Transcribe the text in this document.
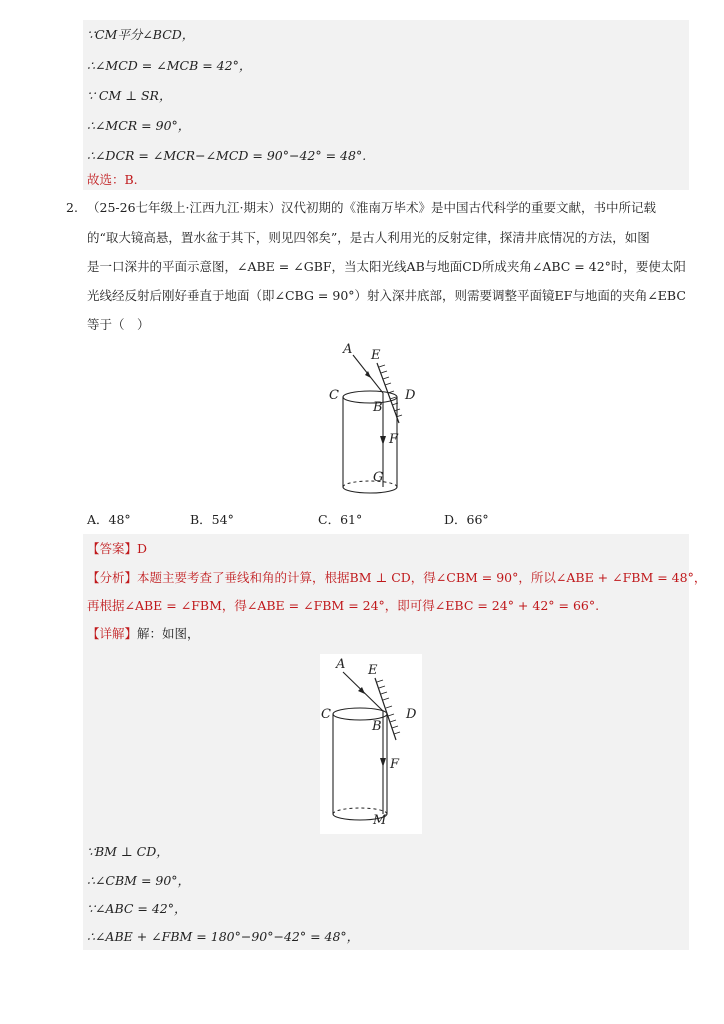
∵CM平分∠BCD，
∴∠MCD = ∠MCB = 42°，
∵ CM ⊥ SR，
∴∠MCR = 90°，
∴∠DCR = ∠MCR−∠MCD = 90°−42° = 48°.
故选：B.
2. （25-26七年级上·江西九江·期末）汉代初期的《淮南万毕术》是中国古代科学的重要文献，书中所记载
的“取大镜高悬，置水盆于其下，则见四邻矣”，是古人利用光的反射定律，探清井底情况的方法，如图
是一口深井的平面示意图，∠ABE = ∠GBF，当太阳光线AB与地面CD所成夹角∠ABC = 42°时，要使太阳
光线经反射后刚好垂直于地面（即∠CBG = 90°）射入深井底部，则需要调整平面镜EF与地面的夹角∠EBC
等于（　）
A E
C	D
B
F
G
A．48°	B．54°	C．61°	D．66°
【答案】D
【分析】本题主要考查了垂线和角的计算，根据BM ⊥ CD，得∠CBM = 90°，所以∠ABE + ∠FBM = 48°，
再根据∠ABE = ∠FBM，得∠ABE = ∠FBM = 24°，即可得∠EBC = 24° + 42° = 66°.
【详解】解：如图，
A E
C	D
B
F
M
∵BM ⊥ CD，
∴∠CBM = 90°，
∵∠ABC = 42°，
∴∠ABE + ∠FBM = 180°−90°−42° = 48°，
